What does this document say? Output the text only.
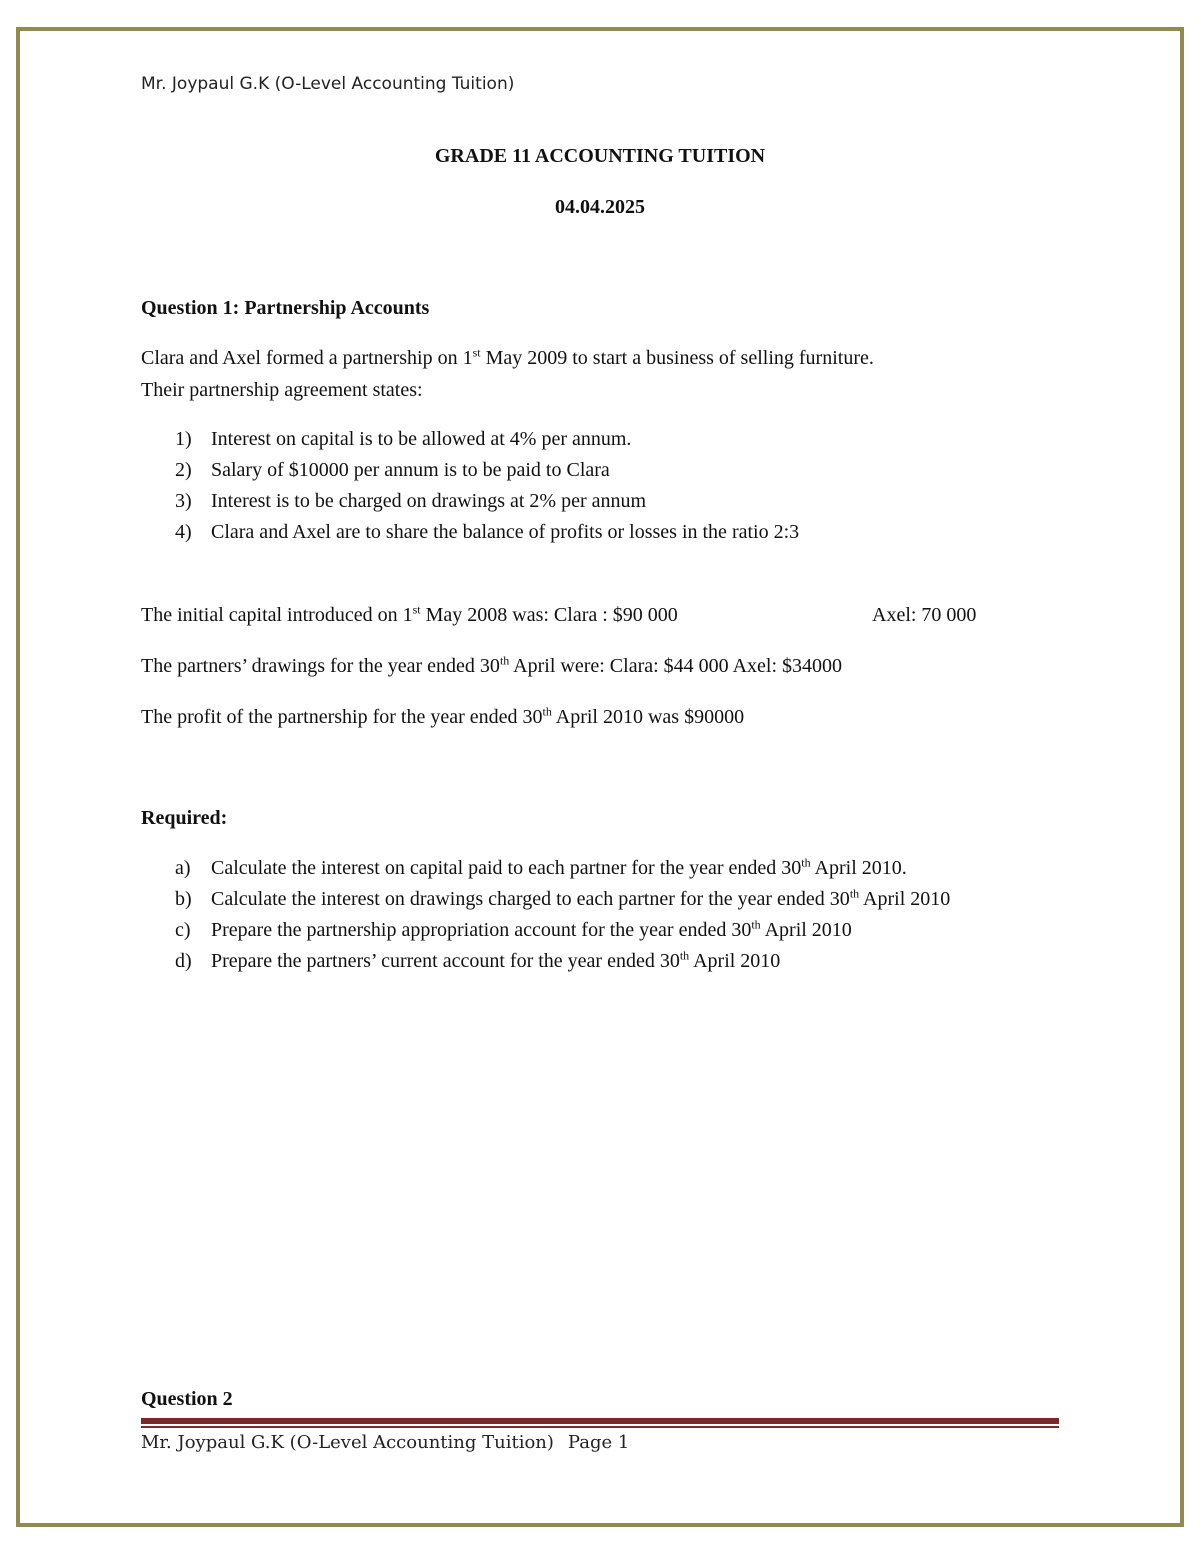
Mr. Joypaul G.K (O-Level Accounting Tuition)
GRADE 11 ACCOUNTING TUITION
04.04.2025
Question 1: Partnership Accounts
Clara and Axel formed a partnership on 1st May 2009 to start a business of selling furniture.
Their partnership agreement states:
1) Interest on capital is to be allowed at 4% per annum.
2) Salary of $10000 per annum is to be paid to Clara
3) Interest is to be charged on drawings at 2% per annum
4) Clara and Axel are to share the balance of profits or losses in the ratio 2:3
The initial capital introduced on 1st May 2008 was: Clara : $90 000	Axel: 70 000
The partners’ drawings for the year ended 30th April were: Clara: $44 000 Axel: $34000
The profit of the partnership for the year ended 30th April 2010 was $90000
Required:
a) Calculate the interest on capital paid to each partner for the year ended 30th April 2010.
b) Calculate the interest on drawings charged to each partner for the year ended 30th April 2010
c) Prepare the partnership appropriation account for the year ended 30th April 2010
d) Prepare the partners’ current account for the year ended 30th April 2010
Question 2
Mr. Joypaul G.K (O-Level Accounting Tuition) Page 1
